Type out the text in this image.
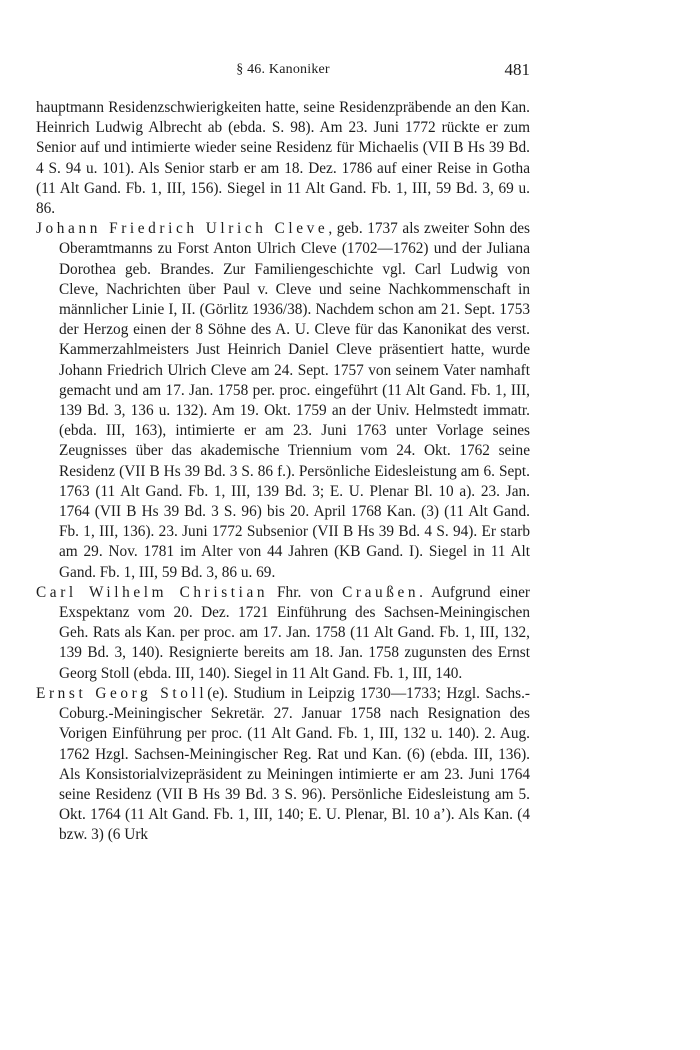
§ 46. Kanoniker	481

hauptmann Residenzschwierigkeiten hatte, seine Residenzpräbende an den Kan. Heinrich Ludwig Albrecht ab (ebda. S. 98). Am 23. Juni 1772 rückte er zum Senior auf und intimierte wieder seine Residenz für Michaelis (VII B Hs 39 Bd. 4 S. 94 u. 101). Als Senior starb er am 18. Dez. 1786 auf einer Reise in Gotha (11 Alt Gand. Fb. 1, III, 156). Siegel in 11 Alt Gand. Fb. 1, III, 59 Bd. 3, 69 u. 86.

Johann Friedrich Ulrich Cleve, geb. 1737 als zweiter Sohn des Oberamtmanns zu Forst Anton Ulrich Cleve (1702—1762) und der Juliana Dorothea geb. Brandes. Zur Familiengeschichte vgl. Carl Ludwig von Cleve, Nachrichten über Paul v. Cleve und seine Nachkommenschaft in männlicher Linie I, II. (Görlitz 1936/38). Nachdem schon am 21. Sept. 1753 der Herzog einen der 8 Söhne des A. U. Cleve für das Kanonikat des verst. Kammerzahlmeisters Just Heinrich Daniel Cleve präsentiert hatte, wurde Johann Friedrich Ulrich Cleve am 24. Sept. 1757 von seinem Vater namhaft gemacht und am 17. Jan. 1758 per. proc. eingeführt (11 Alt Gand. Fb. 1, III, 139 Bd. 3, 136 u. 132). Am 19. Okt. 1759 an der Univ. Helmstedt immatr. (ebda. III, 163), intimierte er am 23. Juni 1763 unter Vorlage seines Zeugnisses über das akademische Triennium vom 24. Okt. 1762 seine Residenz (VII B Hs 39 Bd. 3 S. 86 f.). Persönliche Eidesleistung am 6. Sept. 1763 (11 Alt Gand. Fb. 1, III, 139 Bd. 3; E. U. Plenar Bl. 10 a). 23. Jan. 1764 (VII B Hs 39 Bd. 3 S. 96) bis 20. April 1768 Kan. (3) (11 Alt Gand. Fb. 1, III, 136). 23. Juni 1772 Subsenior (VII B Hs 39 Bd. 4 S. 94). Er starb am 29. Nov. 1781 im Alter von 44 Jahren (KB Gand. I). Siegel in 11 Alt Gand. Fb. 1, III, 59 Bd. 3, 86 u. 69.

Carl Wilhelm Christian Fhr. von Craußen. Aufgrund einer Exspektanz vom 20. Dez. 1721 Einführung des Sachsen-Meiningischen Geh. Rats als Kan. per proc. am 17. Jan. 1758 (11 Alt Gand. Fb. 1, III, 132, 139 Bd. 3, 140). Resignierte bereits am 18. Jan. 1758 zugunsten des Ernst Georg Stoll (ebda. III, 140). Siegel in 11 Alt Gand. Fb. 1, III, 140.

Ernst Georg Stoll(e). Studium in Leipzig 1730—1733; Hzgl. Sachs.-Coburg.-Meiningischer Sekretär. 27. Januar 1758 nach Resignation des Vorigen Einführung per proc. (11 Alt Gand. Fb. 1, III, 132 u. 140). 2. Aug. 1762 Hzgl. Sachsen-Meiningischer Reg. Rat und Kan. (6) (ebda. III, 136). Als Konsistorialvizepräsident zu Meiningen intimierte er am 23. Juni 1764 seine Residenz (VII B Hs 39 Bd. 3 S. 96). Persönliche Eidesleistung am 5. Okt. 1764 (11 Alt Gand. Fb. 1, III, 140; E. U. Plenar, Bl. 10 a’). Als Kan. (4 bzw. 3) (6 Urk
